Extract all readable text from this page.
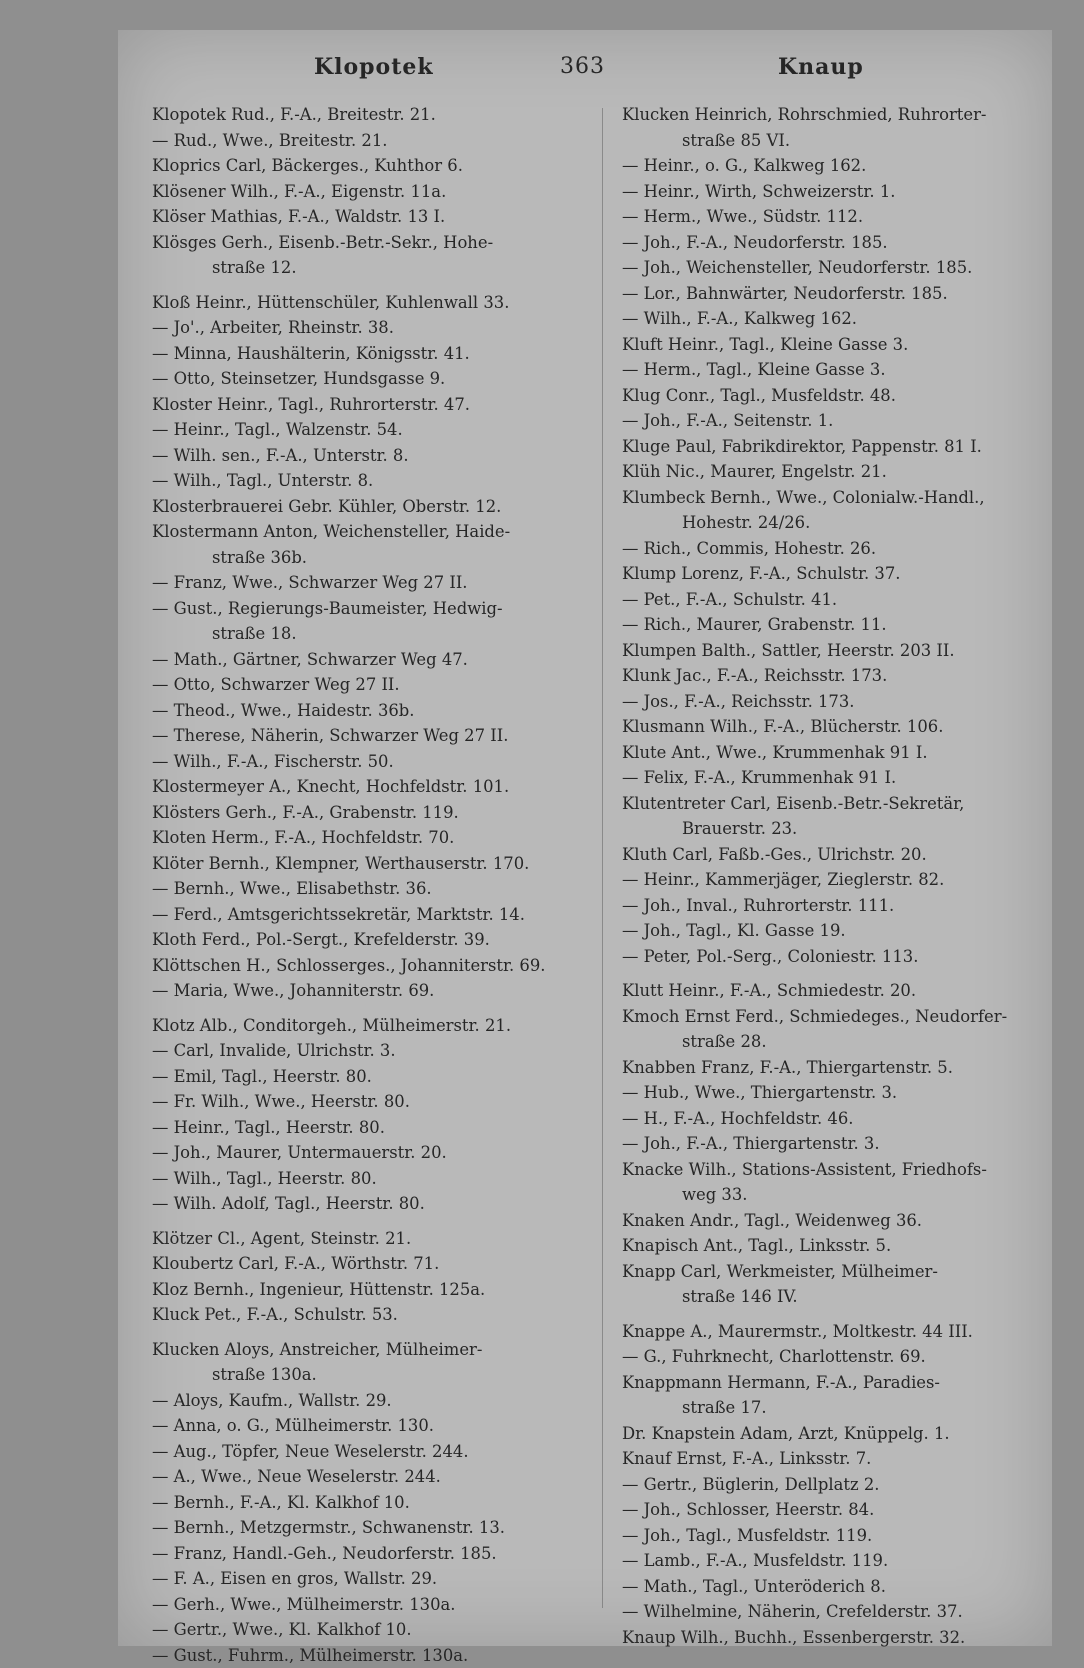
Klopotek	363	Knaup
Klopotek Rud., F.-A., Breitestr. 21.
— Rud., Wwe., Breitestr. 21.
Kloprics Carl, Bäckerges., Kuhthor 6.
Klösener Wilh., F.-A., Eigenstr. 11a.
Klöser Mathias, F.-A., Waldstr. 13 I.
Klösges Gerh., Eisenb.-Betr.-Sekr., Hohe-
straße 12.
Kloß Heinr., Hüttenschüler, Kuhlenwall 33.
— Jo'., Arbeiter, Rheinstr. 38.
— Minna, Haushälterin, Königsstr. 41.
— Otto, Steinsetzer, Hundsgasse 9.
Kloster Heinr., Tagl., Ruhrorterstr. 47.
— Heinr., Tagl., Walzenstr. 54.
— Wilh. sen., F.-A., Unterstr. 8.
— Wilh., Tagl., Unterstr. 8.
Klosterbrauerei Gebr. Kühler, Oberstr. 12.
Klostermann Anton, Weichensteller, Haide-
straße 36b.
— Franz, Wwe., Schwarzer Weg 27 II.
— Gust., Regierungs-Baumeister, Hedwig-
straße 18.
— Math., Gärtner, Schwarzer Weg 47.
— Otto, Schwarzer Weg 27 II.
— Theod., Wwe., Haidestr. 36b.
— Therese, Näherin, Schwarzer Weg 27 II.
— Wilh., F.-A., Fischerstr. 50.
Klostermeyer A., Knecht, Hochfeldstr. 101.
Klösters Gerh., F.-A., Grabenstr. 119.
Kloten Herm., F.-A., Hochfeldstr. 70.
Klöter Bernh., Klempner, Werthauserstr. 170.
— Bernh., Wwe., Elisabethstr. 36.
— Ferd., Amtsgerichtssekretär, Marktstr. 14.
Kloth Ferd., Pol.-Sergt., Krefelderstr. 39.
Klöttschen H., Schlosserges., Johanniterstr. 69.
— Maria, Wwe., Johanniterstr. 69.
Klotz Alb., Conditorgeh., Mülheimerstr. 21.
— Carl, Invalide, Ulrichstr. 3.
— Emil, Tagl., Heerstr. 80.
— Fr. Wilh., Wwe., Heerstr. 80.
— Heinr., Tagl., Heerstr. 80.
— Joh., Maurer, Untermauerstr. 20.
— Wilh., Tagl., Heerstr. 80.
— Wilh. Adolf, Tagl., Heerstr. 80.
Klötzer Cl., Agent, Steinstr. 21.
Kloubertz Carl, F.-A., Wörthstr. 71.
Kloz Bernh., Ingenieur, Hüttenstr. 125a.
Kluck Pet., F.-A., Schulstr. 53.
Klucken Aloys, Anstreicher, Mülheimer-
straße 130a.
— Aloys, Kaufm., Wallstr. 29.
— Anna, o. G., Mülheimerstr. 130.
— Aug., Töpfer, Neue Weselerstr. 244.
— A., Wwe., Neue Weselerstr. 244.
— Bernh., F.-A., Kl. Kalkhof 10.
— Bernh., Metzgermstr., Schwanenstr. 13.
— Franz, Handl.-Geh., Neudorferstr. 185.
— F. A., Eisen en gros, Wallstr. 29.
— Gerh., Wwe., Mülheimerstr. 130a.
— Gertr., Wwe., Kl. Kalkhof 10.
— Gust., Fuhrm., Mülheimerstr. 130a.
Klucken Heinrich, Rohrschmied, Ruhrorter-
straße 85 VI.
— Heinr., o. G., Kalkweg 162.
— Heinr., Wirth, Schweizerstr. 1.
— Herm., Wwe., Südstr. 112.
— Joh., F.-A., Neudorferstr. 185.
— Joh., Weichensteller, Neudorferstr. 185.
— Lor., Bahnwärter, Neudorferstr. 185.
— Wilh., F.-A., Kalkweg 162.
Kluft Heinr., Tagl., Kleine Gasse 3.
— Herm., Tagl., Kleine Gasse 3.
Klug Conr., Tagl., Musfeldstr. 48.
— Joh., F.-A., Seitenstr. 1.
Kluge Paul, Fabrikdirektor, Pappenstr. 81 I.
Klüh Nic., Maurer, Engelstr. 21.
Klumbeck Bernh., Wwe., Colonialw.-Handl.,
Hohestr. 24/26.
— Rich., Commis, Hohestr. 26.
Klump Lorenz, F.-A., Schulstr. 37.
— Pet., F.-A., Schulstr. 41.
— Rich., Maurer, Grabenstr. 11.
Klumpen Balth., Sattler, Heerstr. 203 II.
Klunk Jac., F.-A., Reichsstr. 173.
— Jos., F.-A., Reichsstr. 173.
Klusmann Wilh., F.-A., Blücherstr. 106.
Klute Ant., Wwe., Krummenhak 91 I.
— Felix, F.-A., Krummenhak 91 I.
Klutentreter Carl, Eisenb.-Betr.-Sekretär,
Brauerstr. 23.
Kluth Carl, Faßb.-Ges., Ulrichstr. 20.
— Heinr., Kammerjäger, Zieglerstr. 82.
— Joh., Inval., Ruhrorterstr. 111.
— Joh., Tagl., Kl. Gasse 19.
— Peter, Pol.-Serg., Coloniestr. 113.
Klutt Heinr., F.-A., Schmiedestr. 20.
Kmoch Ernst Ferd., Schmiedeges., Neudorfer-
straße 28.
Knabben Franz, F.-A., Thiergartenstr. 5.
— Hub., Wwe., Thiergartenstr. 3.
— H., F.-A., Hochfeldstr. 46.
— Joh., F.-A., Thiergartenstr. 3.
Knacke Wilh., Stations-Assistent, Friedhofs-
weg 33.
Knaken Andr., Tagl., Weidenweg 36.
Knapisch Ant., Tagl., Linksstr. 5.
Knapp Carl, Werkmeister, Mülheimer-
straße 146 IV.
Knappe A., Maurermstr., Moltkestr. 44 III.
— G., Fuhrknecht, Charlottenstr. 69.
Knappmann Hermann, F.-A., Paradies-
straße 17.
Dr. Knapstein Adam, Arzt, Knüppelg. 1.
Knauf Ernst, F.-A., Linksstr. 7.
— Gertr., Büglerin, Dellplatz 2.
— Joh., Schlosser, Heerstr. 84.
— Joh., Tagl., Musfeldstr. 119.
— Lamb., F.-A., Musfeldstr. 119.
— Math., Tagl., Unteröderich 8.
— Wilhelmine, Näherin, Crefelderstr. 37.
Knaup Wilh., Buchh., Essenbergerstr. 32.
